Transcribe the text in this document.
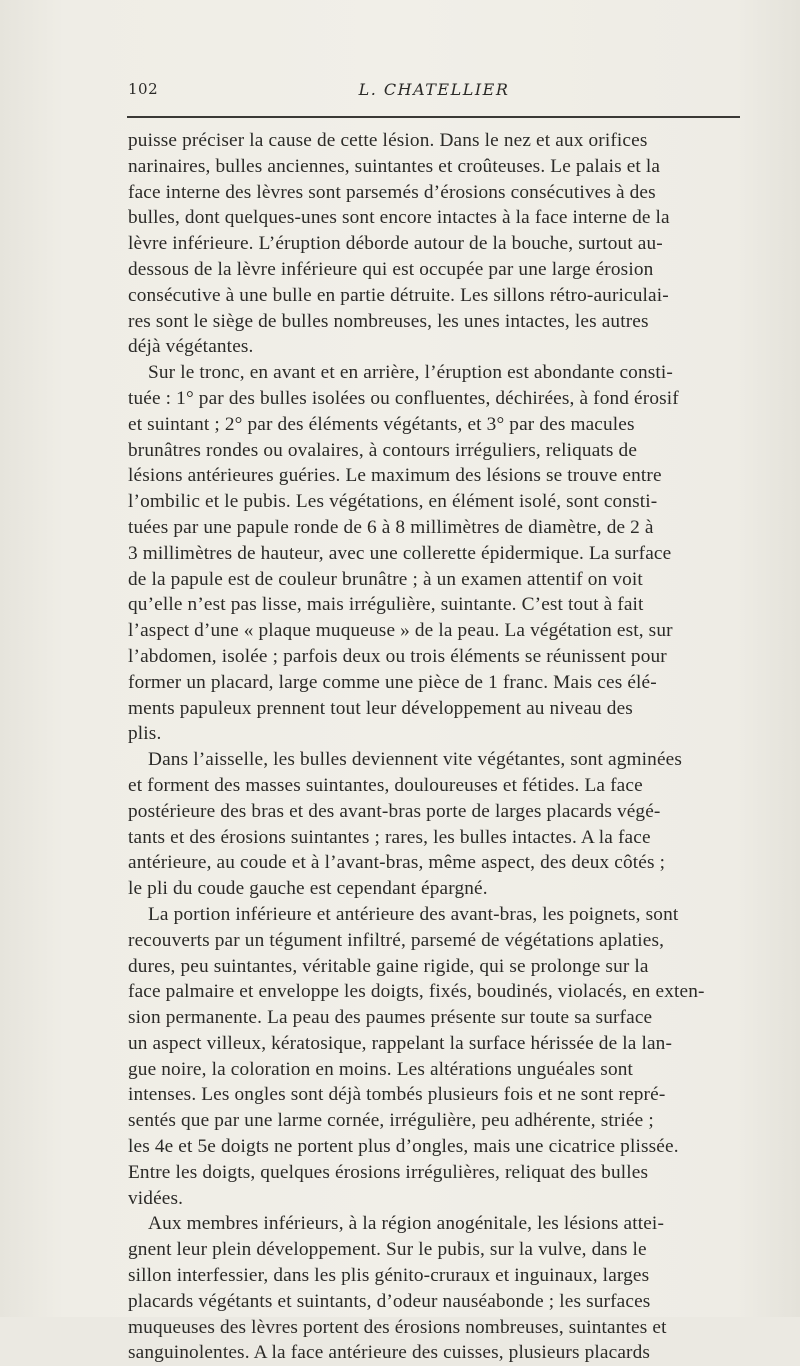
102	L. CHATELLIER
puisse préciser la cause de cette lésion. Dans le nez et aux orifices
narinaires, bulles anciennes, suintantes et croûteuses. Le palais et la
face interne des lèvres sont parsemés d’érosions consécutives à des
bulles, dont quelques-unes sont encore intactes à la face interne de la
lèvre inférieure. L’éruption déborde autour de la bouche, surtout au-
dessous de la lèvre inférieure qui est occupée par une large érosion
consécutive à une bulle en partie détruite. Les sillons rétro-auriculai-
res sont le siège de bulles nombreuses, les unes intactes, les autres
déjà végétantes.
Sur le tronc, en avant et en arrière, l’éruption est abondante consti-
tuée : 1° par des bulles isolées ou confluentes, déchirées, à fond érosif
et suintant ; 2° par des éléments végétants, et 3° par des macules
brunâtres rondes ou ovalaires, à contours irréguliers, reliquats de
lésions antérieures guéries. Le maximum des lésions se trouve entre
l’ombilic et le pubis. Les végétations, en élément isolé, sont consti-
tuées par une papule ronde de 6 à 8 millimètres de diamètre, de 2 à
3 millimètres de hauteur, avec une collerette épidermique. La surface
de la papule est de couleur brunâtre ; à un examen attentif on voit
qu’elle n’est pas lisse, mais irrégulière, suintante. C’est tout à fait
l’aspect d’une « plaque muqueuse » de la peau. La végétation est, sur
l’abdomen, isolée ; parfois deux ou trois éléments se réunissent pour
former un placard, large comme une pièce de 1 franc. Mais ces élé-
ments papuleux prennent tout leur développement au niveau des
plis.
Dans l’aisselle, les bulles deviennent vite végétantes, sont agminées
et forment des masses suintantes, douloureuses et fétides. La face
postérieure des bras et des avant-bras porte de larges placards végé-
tants et des érosions suintantes ; rares, les bulles intactes. A la face
antérieure, au coude et à l’avant-bras, même aspect, des deux côtés ;
le pli du coude gauche est cependant épargné.
La portion inférieure et antérieure des avant-bras, les poignets, sont
recouverts par un tégument infiltré, parsemé de végétations aplaties,
dures, peu suintantes, véritable gaine rigide, qui se prolonge sur la
face palmaire et enveloppe les doigts, fixés, boudinés, violacés, en exten-
sion permanente. La peau des paumes présente sur toute sa surface
un aspect villeux, kératosique, rappelant la surface hérissée de la lan-
gue noire, la coloration en moins. Les altérations unguéales sont
intenses. Les ongles sont déjà tombés plusieurs fois et ne sont repré-
sentés que par une larme cornée, irrégulière, peu adhérente, striée ;
les 4e et 5e doigts ne portent plus d’ongles, mais une cicatrice plissée.
Entre les doigts, quelques érosions irrégulières, reliquat des bulles
vidées.
Aux membres inférieurs, à la région anogénitale, les lésions attei-
gnent leur plein développement. Sur le pubis, sur la vulve, dans le
sillon interfessier, dans les plis génito-cruraux et inguinaux, larges
placards végétants et suintants, d’odeur nauséabonde ; les surfaces
muqueuses des lèvres portent des érosions nombreuses, suintantes et
sanguinolentes. A la face antérieure des cuisses, plusieurs placards
